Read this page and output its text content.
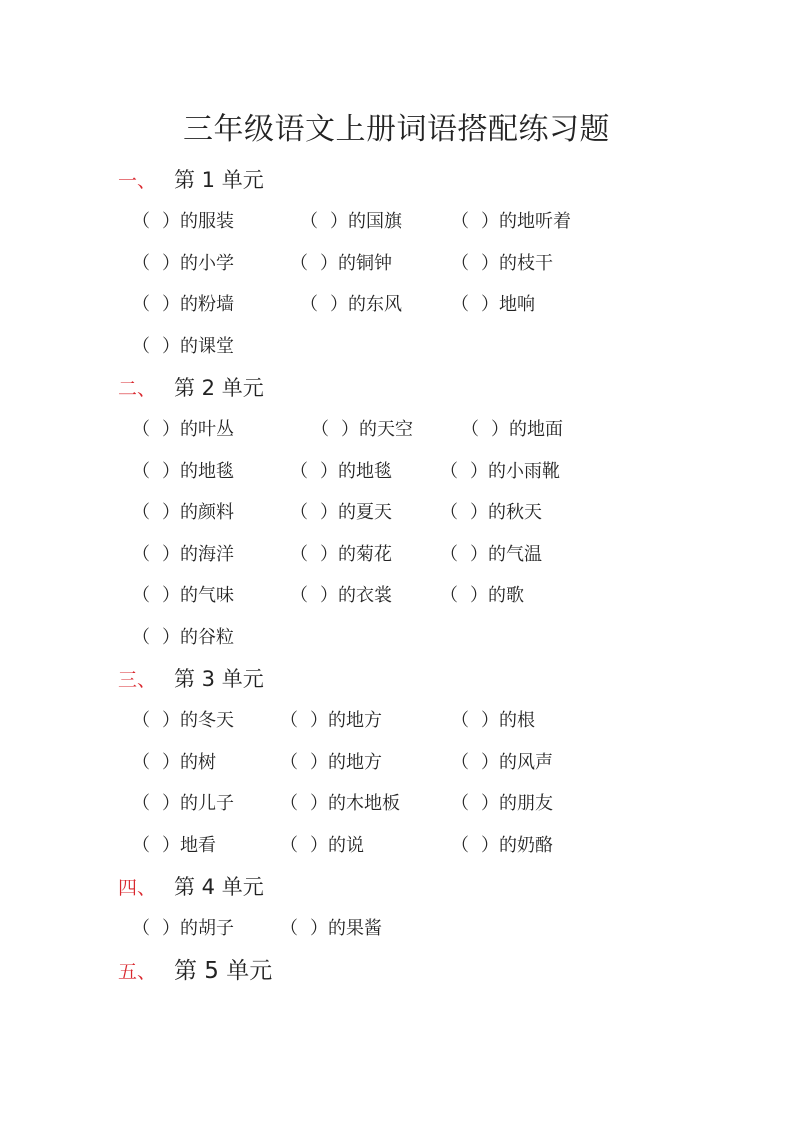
三年级语文上册词语搭配练习题
一、 第 1 单元
（ ） 的服装	（ ） 的国旗	（ ） 的地听着
（ ） 的小学	（ ） 的铜钟	（ ） 的枝干
（ ） 的粉墙	（ ） 的东风	（ ） 地响
（ ） 的课堂
二、 第 2 单元
（ ） 的叶丛	（ ） 的天空	（ ） 的地面
（ ） 的地毯	（ ） 的地毯	（ ） 的小雨靴
（ ） 的颜料	（ ） 的夏天	（ ） 的秋天
（ ） 的海洋	（ ） 的菊花	（ ） 的气温
（ ） 的气味	（ ） 的衣裳	（ ） 的歌
（ ） 的谷粒
三、 第 3 单元
（ ） 的冬天	（ ） 的地方	（ ） 的根
（ ） 的树	（ ） 的地方	（ ） 的风声
（ ） 的儿子	（ ） 的木地板	（ ） 的朋友
（ ） 地看	（ ） 的说	（ ） 的奶酪
四、 第 4 单元
（ ） 的胡子	（ ） 的果酱
五、 第 5 单元
